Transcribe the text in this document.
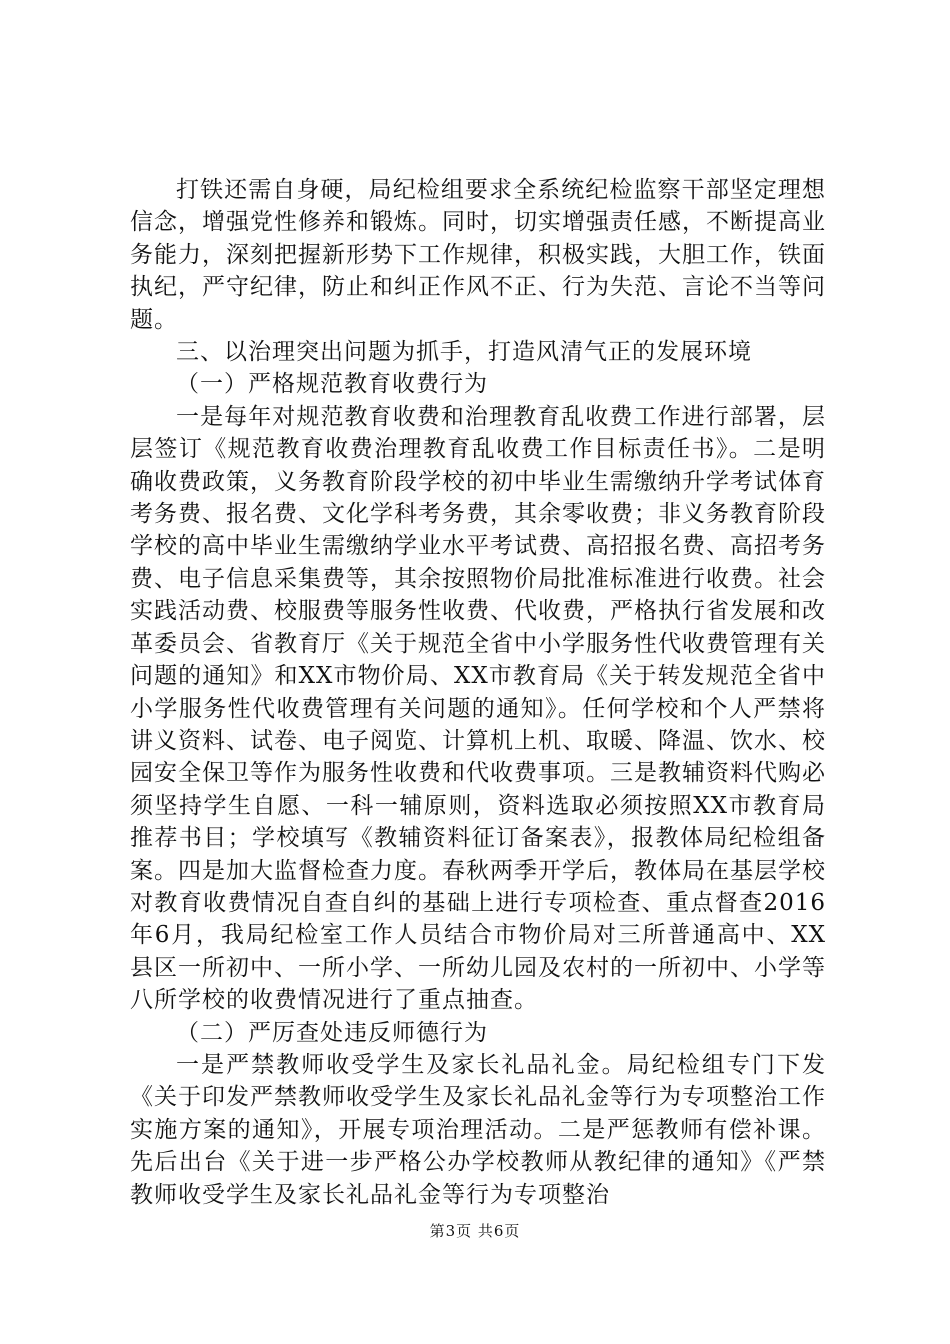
打铁还需自身硬，局纪检组要求全系统纪检监察干部坚定理想信念，增强党性修养和锻炼。同时，切实增强责任感，不断提高业务能力，深刻把握新形势下工作规律，积极实践，大胆工作，铁面执纪，严守纪律，防止和纠正作风不正、行为失范、言论不当等问题。

三、以治理突出问题为抓手，打造风清气正的发展环境

（一）严格规范教育收费行为

一是每年对规范教育收费和治理教育乱收费工作进行部署，层层签订《规范教育收费治理教育乱收费工作目标责任书》。二是明确收费政策，义务教育阶段学校的初中毕业生需缴纳升学考试体育考务费、报名费、文化学科考务费，其余零收费；非义务教育阶段学校的高中毕业生需缴纳学业水平考试费、高招报名费、高招考务费、电子信息采集费等，其余按照物价局批准标准进行收费。社会实践活动费、校服费等服务性收费、代收费，严格执行省发展和改革委员会、省教育厅《关于规范全省中小学服务性代收费管理有关问题的通知》和XX市物价局、XX市教育局《关于转发规范全省中小学服务性代收费管理有关问题的通知》。任何学校和个人严禁将讲义资料、试卷、电子阅览、计算机上机、取暖、降温、饮水、校园安全保卫等作为服务性收费和代收费事项。三是教辅资料代购必须坚持学生自愿、一科一辅原则，资料选取必须按照XX市教育局推荐书目；学校填写《教辅资料征订备案表》，报教体局纪检组备案。四是加大监督检查力度。春秋两季开学后，教体局在基层学校对教育收费情况自查自纠的基础上进行专项检查、重点督查2016年6月，我局纪检室工作人员结合市物价局对三所普通高中、XX县区一所初中、一所小学、一所幼儿园及农村的一所初中、小学等八所学校的收费情况进行了重点抽查。

（二）严厉查处违反师德行为

一是严禁教师收受学生及家长礼品礼金。局纪检组专门下发《关于印发严禁教师收受学生及家长礼品礼金等行为专项整治工作实施方案的通知》，开展专项治理活动。二是严惩教师有偿补课。先后出台《关于进一步严格公办学校教师从教纪律的通知》《严禁教师收受学生及家长礼品礼金等行为专项整治

第3页 共6页
